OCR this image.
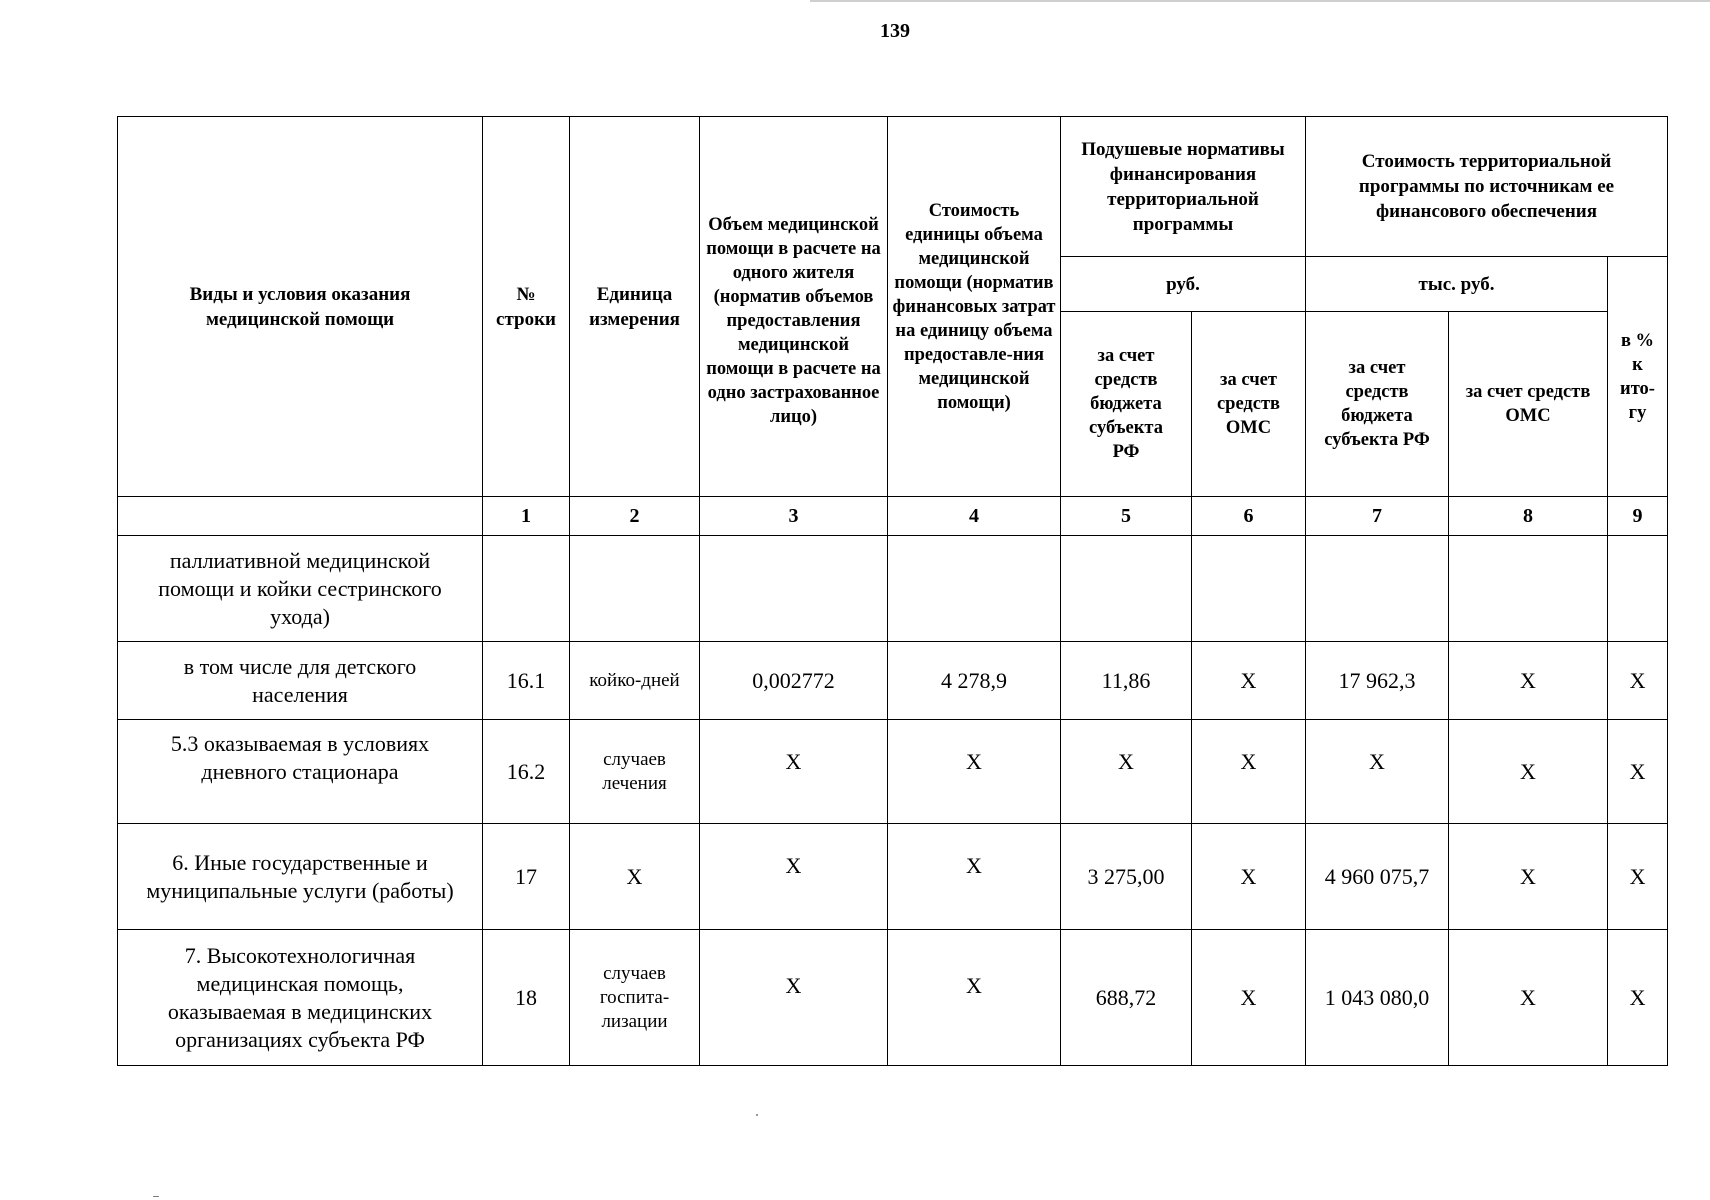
139
Виды и условия оказания медицинской помощи	№ строки	Единица измерения	Объем медицинской помощи в расчете на одного жителя (норматив объемов предоставления медицинской помощи в расчете на одно застрахованное лицо)	Стоимость единицы объема медицинской помощи (норматив финансовых затрат на единицу объема предоставле-ния медицинской помощи)	Подушевые нормативы финансирования территориальной программы		Стоимость территориальной программы по источникам ее финансового обеспечения		
					руб.		тыс. руб.		в % к ито-гу
					за счет средств бюджета субъекта РФ	за счет средств ОМС	за счет средств бюджета субъекта РФ	за счет средств ОМС	
	1	2	3	4	5	6	7	8	9
паллиативной медицинской помощи и койки сестринского ухода)									
в том числе для детского населения	16.1	койко-дней	0,002772	4 278,9	11,86	X	17 962,3	X	X
5.3 оказываемая в условиях дневного стационара	16.2	случаев лечения	X	X	X	X	X	X	X
6. Иные государственные и муниципальные услуги (работы)	17	X	X	X	3 275,00	X	4 960 075,7	X	X
7. Высокотехнологичная медицинская помощь, оказываемая в медицинских организациях субъекта РФ	18	случаев госпита-лизации	X	X	688,72	X	1 043 080,0	X	X
